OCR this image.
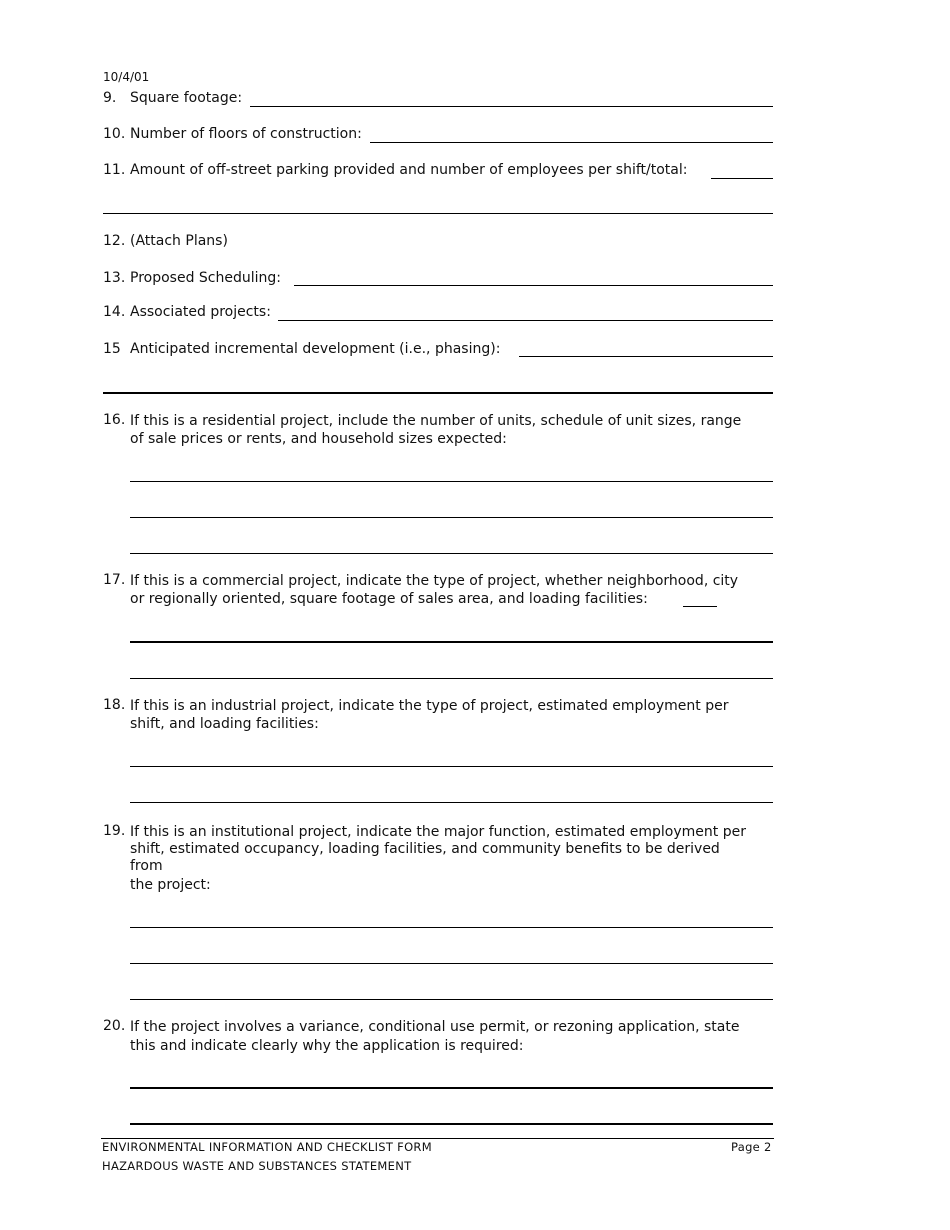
10/4/01
9. Square footage:
10. Number of floors of construction:
11. Amount of off-street parking provided and number of employees per shift/total:
12. (Attach Plans)
13. Proposed Scheduling:
14. Associated projects:
15 Anticipated incremental development (i.e., phasing):
16. If this is a residential project, include the number of units, schedule of unit sizes, range
of sale prices or rents, and household sizes expected:
17. If this is a commercial project, indicate the type of project, whether neighborhood, city
or regionally oriented, square footage of sales area, and loading facilities:
18. If this is an industrial project, indicate the type of project, estimated employment per
shift, and loading facilities:
19. If this is an institutional project, indicate the major function, estimated employment per
shift, estimated occupancy, loading facilities, and community benefits to be derived
from
the project:
20. If the project involves a variance, conditional use permit, or rezoning application, state
this and indicate clearly why the application is required:
ENVIRONMENTAL INFORMATION AND CHECKLIST FORM	Page 2
HAZARDOUS WASTE AND SUBSTANCES STATEMENT
